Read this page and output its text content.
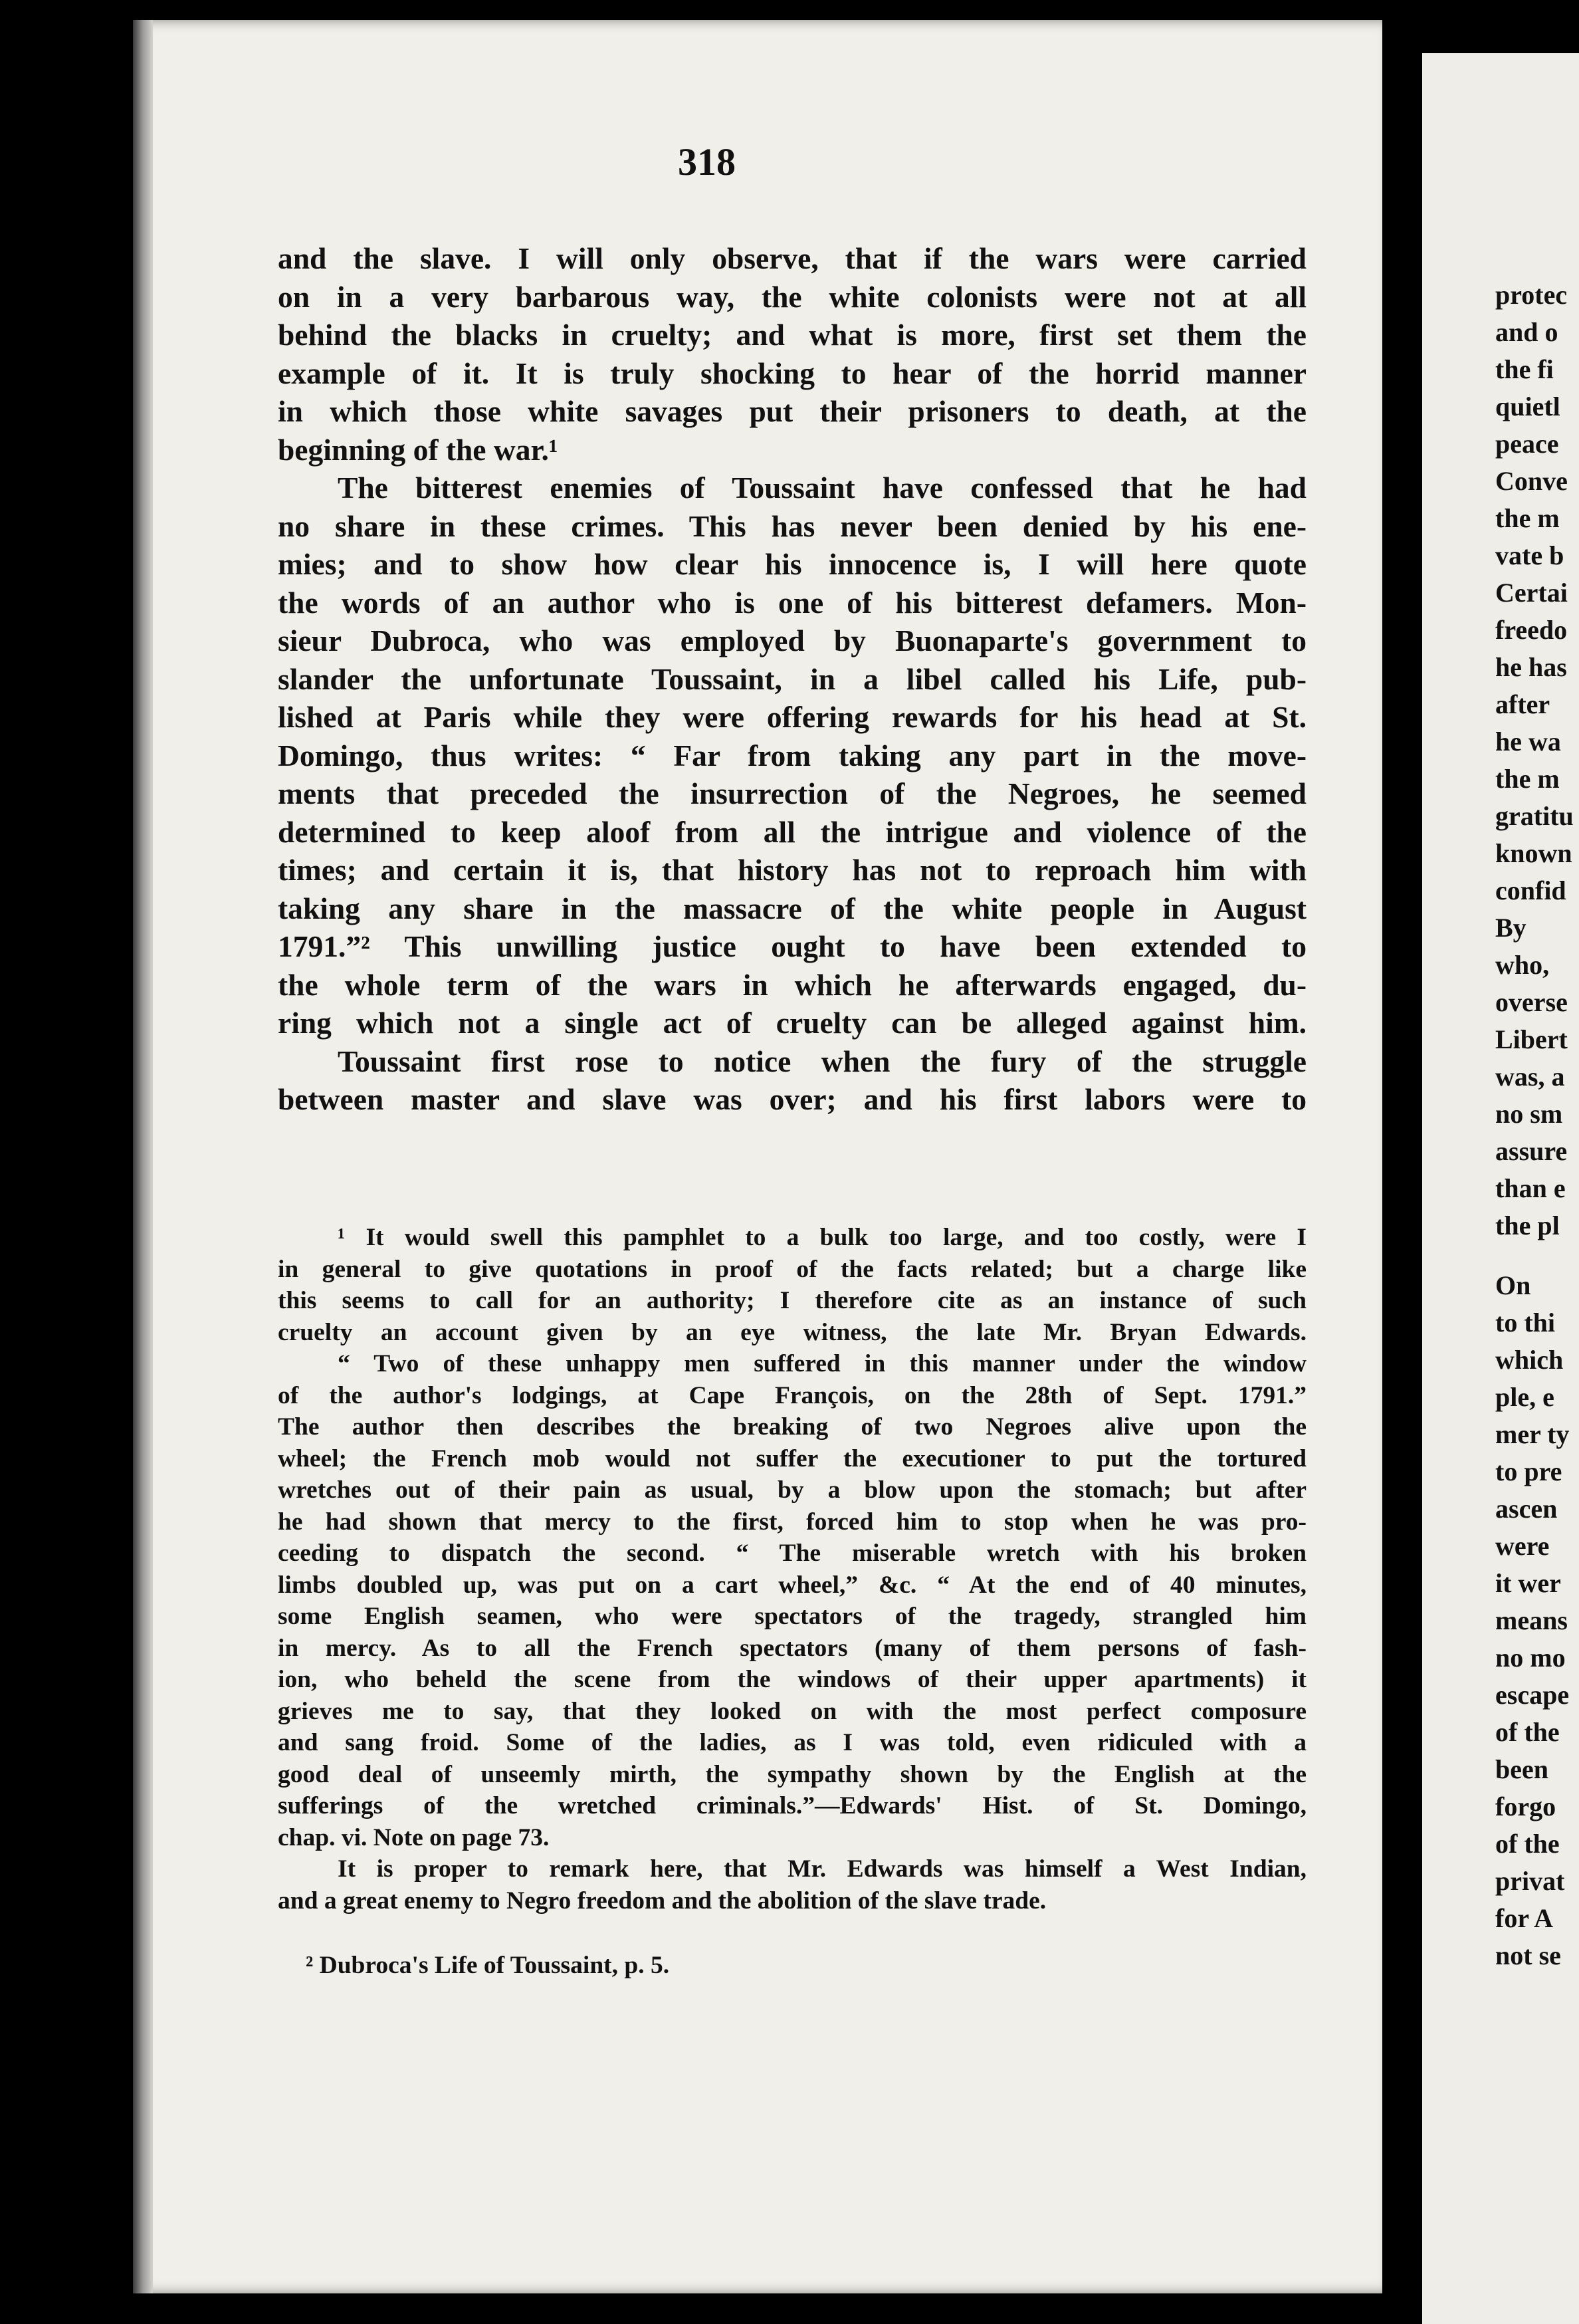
protec
and o
the fi
quietl
peace
Conve
the m
vate b
Certai
freedo
he has
after
he wa
the m
gratitu
known
confid
By
who,
overse
Libert
was, a
no sm
assure
than e
the pl
On
to thi
which
ple, e
mer ty
to pre
ascen
were
it wer
means
no mo
escape
of the
been
forgo
of the
privat
for A
not se
318
and the slave. I will only observe, that if the wars were carried
on in a very barbarous way, the white colonists were not at all
behind the blacks in cruelty; and what is more, first set them the
example of it. It is truly shocking to hear of the horrid manner
in which those white savages put their prisoners to death, at the
beginning of the war.¹
The bitterest enemies of Toussaint have confessed that he had
no share in these crimes. This has never been denied by his ene-
mies; and to show how clear his innocence is, I will here quote
the words of an author who is one of his bitterest defamers. Mon-
sieur Dubroca, who was employed by Buonaparte's government to
slander the unfortunate Toussaint, in a libel called his Life, pub-
lished at Paris while they were offering rewards for his head at St.
Domingo, thus writes: “ Far from taking any part in the move-
ments that preceded the insurrection of the Negroes, he seemed
determined to keep aloof from all the intrigue and violence of the
times; and certain it is, that history has not to reproach him with
taking any share in the massacre of the white people in August
1791.”² This unwilling justice ought to have been extended to
the whole term of the wars in which he afterwards engaged, du-
ring which not a single act of cruelty can be alleged against him.
Toussaint first rose to notice when the fury of the struggle
between master and slave was over; and his first labors were to
¹ It would swell this pamphlet to a bulk too large, and too costly, were I
in general to give quotations in proof of the facts related; but a charge like
this seems to call for an authority; I therefore cite as an instance of such
cruelty an account given by an eye witness, the late Mr. Bryan Edwards.
“ Two of these unhappy men suffered in this manner under the window
of the author's lodgings, at Cape François, on the 28th of Sept. 1791.”
The author then describes the breaking of two Negroes alive upon the
wheel; the French mob would not suffer the executioner to put the tortured
wretches out of their pain as usual, by a blow upon the stomach; but after
he had shown that mercy to the first, forced him to stop when he was pro-
ceeding to dispatch the second. “ The miserable wretch with his broken
limbs doubled up, was put on a cart wheel,” &c. “ At the end of 40 minutes,
some English seamen, who were spectators of the tragedy, strangled him
in mercy. As to all the French spectators (many of them persons of fash-
ion, who beheld the scene from the windows of their upper apartments) it
grieves me to say, that they looked on with the most perfect composure
and sang froid. Some of the ladies, as I was told, even ridiculed with a
good deal of unseemly mirth, the sympathy shown by the English at the
sufferings of the wretched criminals.”—Edwards' Hist. of St. Domingo,
chap. vi. Note on page 73.
It is proper to remark here, that Mr. Edwards was himself a West Indian,
and a great enemy to Negro freedom and the abolition of the slave trade.
² Dubroca's Life of Toussaint, p. 5.
